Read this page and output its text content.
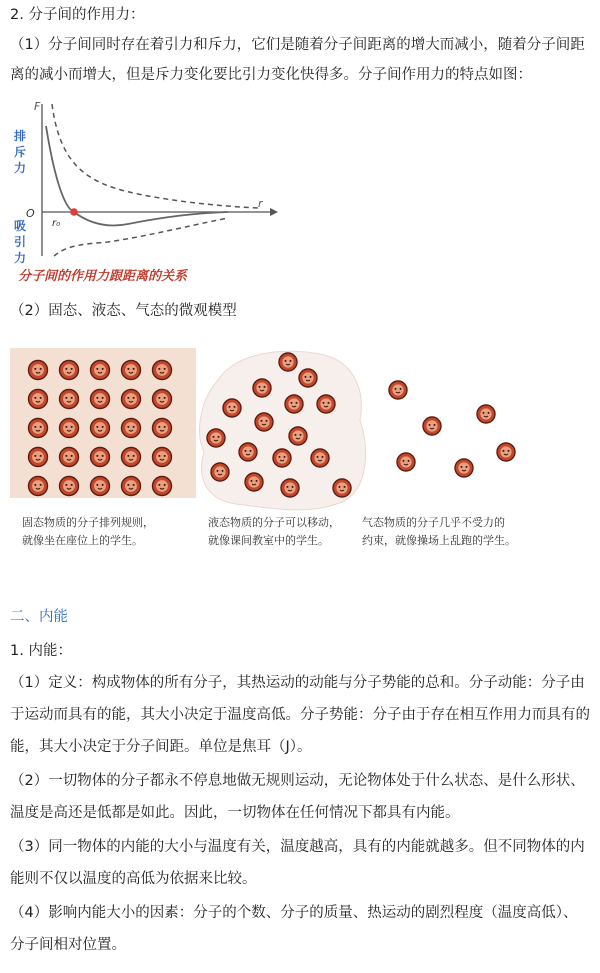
2. 分子间的作用力：
（1）分子间同时存在着引力和斥力，它们是随着分子间距离的增大而减小，随着分子间距
离的减小而增大，但是斥力变化要比引力变化快得多。分子间作用力的特点如图：
F
r
O
r₀
排
斥
力
吸
引
力
分子间的作用力跟距离的关系
（2）固态、液态、气态的微观模型
固态物质的分子排列规则，
就像坐在座位上的学生。
液态物质的分子可以移动，
就像课间教室中的学生。
气态物质的分子几乎不受力的
约束，就像操场上乱跑的学生。
二、内能
1. 内能：
（1）定义：构成物体的所有分子，其热运动的动能与分子势能的总和。分子动能：分子由
于运动而具有的能，其大小决定于温度高低。分子势能：分子由于存在相互作用力而具有的
能，其大小决定于分子间距。单位是焦耳（J）。
（2）一切物体的分子都永不停息地做无规则运动，无论物体处于什么状态、是什么形状、
温度是高还是低都是如此。因此，一切物体在任何情况下都具有内能。
（3）同一物体的内能的大小与温度有关，温度越高，具有的内能就越多。但不同物体的内
能则不仅以温度的高低为依据来比较。
（4）影响内能大小的因素：分子的个数、分子的质量、热运动的剧烈程度（温度高低）、
分子间相对位置。
